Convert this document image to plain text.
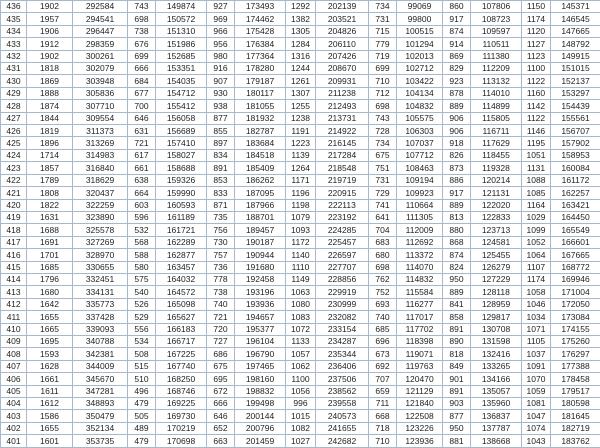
436	1902	292584	743	149874	927	173493	1292	202139	734	99069	860	107806	1150	145371
435	1957	294541	698	150572	969	174462	1382	203521	731	99800	917	108723	1174	146545
434	1906	296447	738	151310	966	175428	1305	204826	715	100515	874	109597	1120	147665
433	1912	298359	676	151986	956	176384	1284	206110	779	101294	914	110511	1127	148792
432	1902	300261	699	152685	980	177364	1316	207426	719	102013	869	111380	1123	149915
431	1818	302079	666	153351	916	178280	1244	208670	699	102712	829	112209	1100	151015
430	1869	303948	684	154035	907	179187	1261	209931	710	103422	923	113132	1122	152137
429	1888	305836	677	154712	930	180117	1307	211238	712	104134	878	114010	1160	153297
428	1874	307710	700	155412	938	181055	1255	212493	698	104832	889	114899	1142	154439
427	1844	309554	646	156058	877	181932	1238	213731	743	105575	906	115805	1122	155561
426	1819	311373	631	156689	855	182787	1191	214922	728	106303	906	116711	1146	156707
425	1896	313269	721	157410	897	183684	1223	216145	734	107037	918	117629	1195	157902
424	1714	314983	617	158027	834	184518	1139	217284	675	107712	826	118455	1051	158953
423	1857	316840	661	158688	891	185409	1264	218548	751	108463	873	119328	1131	160084
422	1789	318629	638	159326	853	186262	1171	219719	731	109194	886	120214	1088	161172
421	1808	320437	664	159990	833	187095	1196	220915	729	109923	917	121131	1085	162257
420	1822	322259	603	160593	871	187966	1198	222113	741	110664	889	122020	1164	163421
419	1631	323890	596	161189	735	188701	1079	223192	641	111305	813	122833	1029	164450
418	1688	325578	532	161721	756	189457	1093	224285	704	112009	880	123713	1099	165549
417	1691	327269	568	162289	730	190187	1172	225457	683	112692	868	124581	1052	166601
416	1701	328970	588	162877	757	190944	1140	226597	680	113372	874	125455	1064	167665
415	1685	330655	580	163457	736	191680	1110	227707	698	114070	824	126279	1107	168772
414	1796	332451	575	164032	778	192458	1149	228856	762	114832	950	127229	1174	169946
413	1680	334131	540	164572	738	193196	1063	229919	752	115584	889	128118	1058	171004
412	1642	335773	526	165098	740	193936	1080	230999	693	116277	841	128959	1046	172050
411	1655	337428	529	165627	721	194657	1083	232082	740	117017	858	129817	1034	173084
410	1665	339093	556	166183	720	195377	1072	233154	685	117702	891	130708	1071	174155
409	1695	340788	534	166717	727	196104	1133	234287	696	118398	890	131598	1105	175260
408	1593	342381	508	167225	686	196790	1057	235344	673	119071	818	132416	1037	176297
407	1628	344009	515	167740	675	197465	1062	236406	692	119763	849	133265	1091	177388
406	1661	345670	510	168250	695	198160	1100	237506	707	120470	901	134166	1070	178458
405	1611	347281	496	168746	672	198832	1056	238562	659	121129	891	135057	1059	179517
404	1612	348893	479	169225	666	199498	996	239558	711	121840	903	135960	1081	180598
403	1586	350479	505	169730	646	200144	1015	240573	668	122508	877	136837	1047	181645
402	1655	352134	489	170219	652	200796	1082	241655	718	123226	950	137787	1074	182719
401	1601	353735	479	170698	663	201459	1027	242682	710	123936	881	138668	1043	183762
